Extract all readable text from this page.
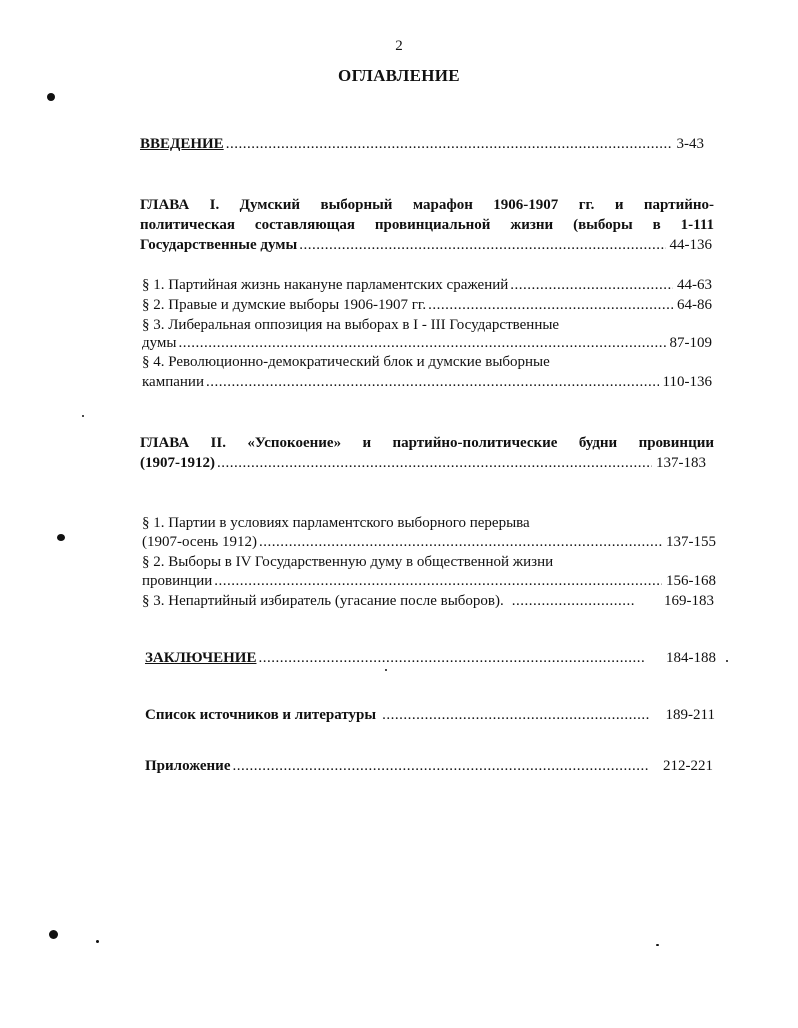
2
ОГЛАВЛЕНИЕ
ВВЕДЕНИЕ .....	3-43
ГЛАВА I. Думский выборный марафон 1906-1907 гг. и партийно-
политическая составляющая провинциальной жизни (выборы в 1-111
Государственные думы .....	44-136
§ 1. Партийная жизнь накануне парламентских сражений .....	44-63
§ 2. Правые и думские выборы 1906-1907 гг. .....	64-86
§ 3. Либеральная оппозиция на выборах в I - III Государственные
думы .....	87-109
§ 4. Революционно-демократический блок и думские выборные
кампании .....	110-136
ГЛАВА II. «Успокоение» и партийно-политические будни провинции
(1907-1912) .....	137-183
§ 1. Партии в условиях парламентского выборного перерыва
(1907-осень 1912) .....	137-155
§ 2. Выборы в IV Государственную думу в общественной жизни
провинции .....	156-168
§ 3. Непартийный избиратель (угасание после выборов). .....	169-183
ЗАКЛЮЧЕНИЕ .....	184-188
Список источников и литературы .....	189-211
Приложение .....	212-221
